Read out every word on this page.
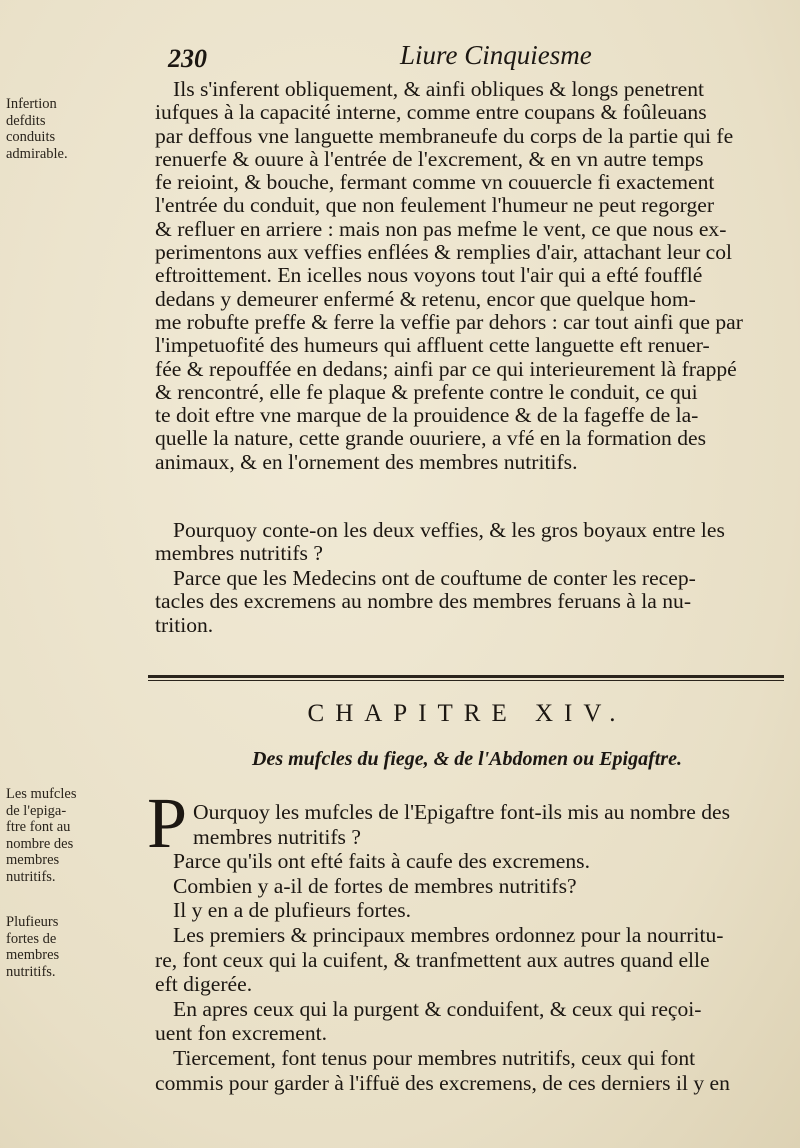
230	Liure Cinquiesme
Infertion
defdits
conduits
admirable.
Ils s'inferent obliquement, & ainfi obliques & longs penetrent
iufques à la capacité interne, comme entre coupans & foûleuans
par deffous vne languette membraneufe du corps de la partie qui fe
renuerfe & ouure à l'entrée de l'excrement, & en vn autre temps
fe reioint, & bouche, fermant comme vn couuercle fi exactement
l'entrée du conduit, que non feulement l'humeur ne peut regorger
& refluer en arriere : mais non pas mefme le vent, ce que nous ex-
perimentons aux veffies enflées & remplies d'air, attachant leur col
eftroittement. En icelles nous voyons tout l'air qui a efté foufflé
dedans y demeurer enfermé & retenu, encor que quelque hom-
me robufte preffe & ferre la veffie par dehors : car tout ainfi que par
l'impetuofité des humeurs qui affluent cette languette eft renuer-
fée & repouffée en dedans; ainfi par ce qui interieurement là frappé
& rencontré, elle fe plaque & prefente contre le conduit, ce qui
te doit eftre vne marque de la prouidence & de la fageffe de la-
quelle la nature, cette grande ouuriere, a vfé en la formation des
animaux, & en l'ornement des membres nutritifs.
Pourquoy conte-on les deux veffies, & les gros boyaux entre les
membres nutritifs ?
Parce que les Medecins ont de couftume de conter les recep-
tacles des excremens au nombre des membres feruans à la nu-
trition.
CHAPITRE XIV.
Des mufcles du fiege, & de l'Abdomen ou Epigaftre.
Les mufcles
de l'epiga-
ftre font au
nombre des
membres
nutritifs.
Plufieurs
fortes de
membres
nutritifs.
P Ourquoy les mufcles de l'Epigaftre font-ils mis au nombre des
membres nutritifs ?
Parce qu'ils ont efté faits à caufe des excremens.
Combien y a-il de fortes de membres nutritifs?
Il y en a de plufieurs fortes.
Les premiers & principaux membres ordonnez pour la nourritu-
re, font ceux qui la cuifent, & tranfmettent aux autres quand elle
eft digerée.
En apres ceux qui la purgent & conduifent, & ceux qui reçoi-
uent fon excrement.
Tiercement, font tenus pour membres nutritifs, ceux qui font
commis pour garder à l'iffuë des excremens, de ces derniers il y en
